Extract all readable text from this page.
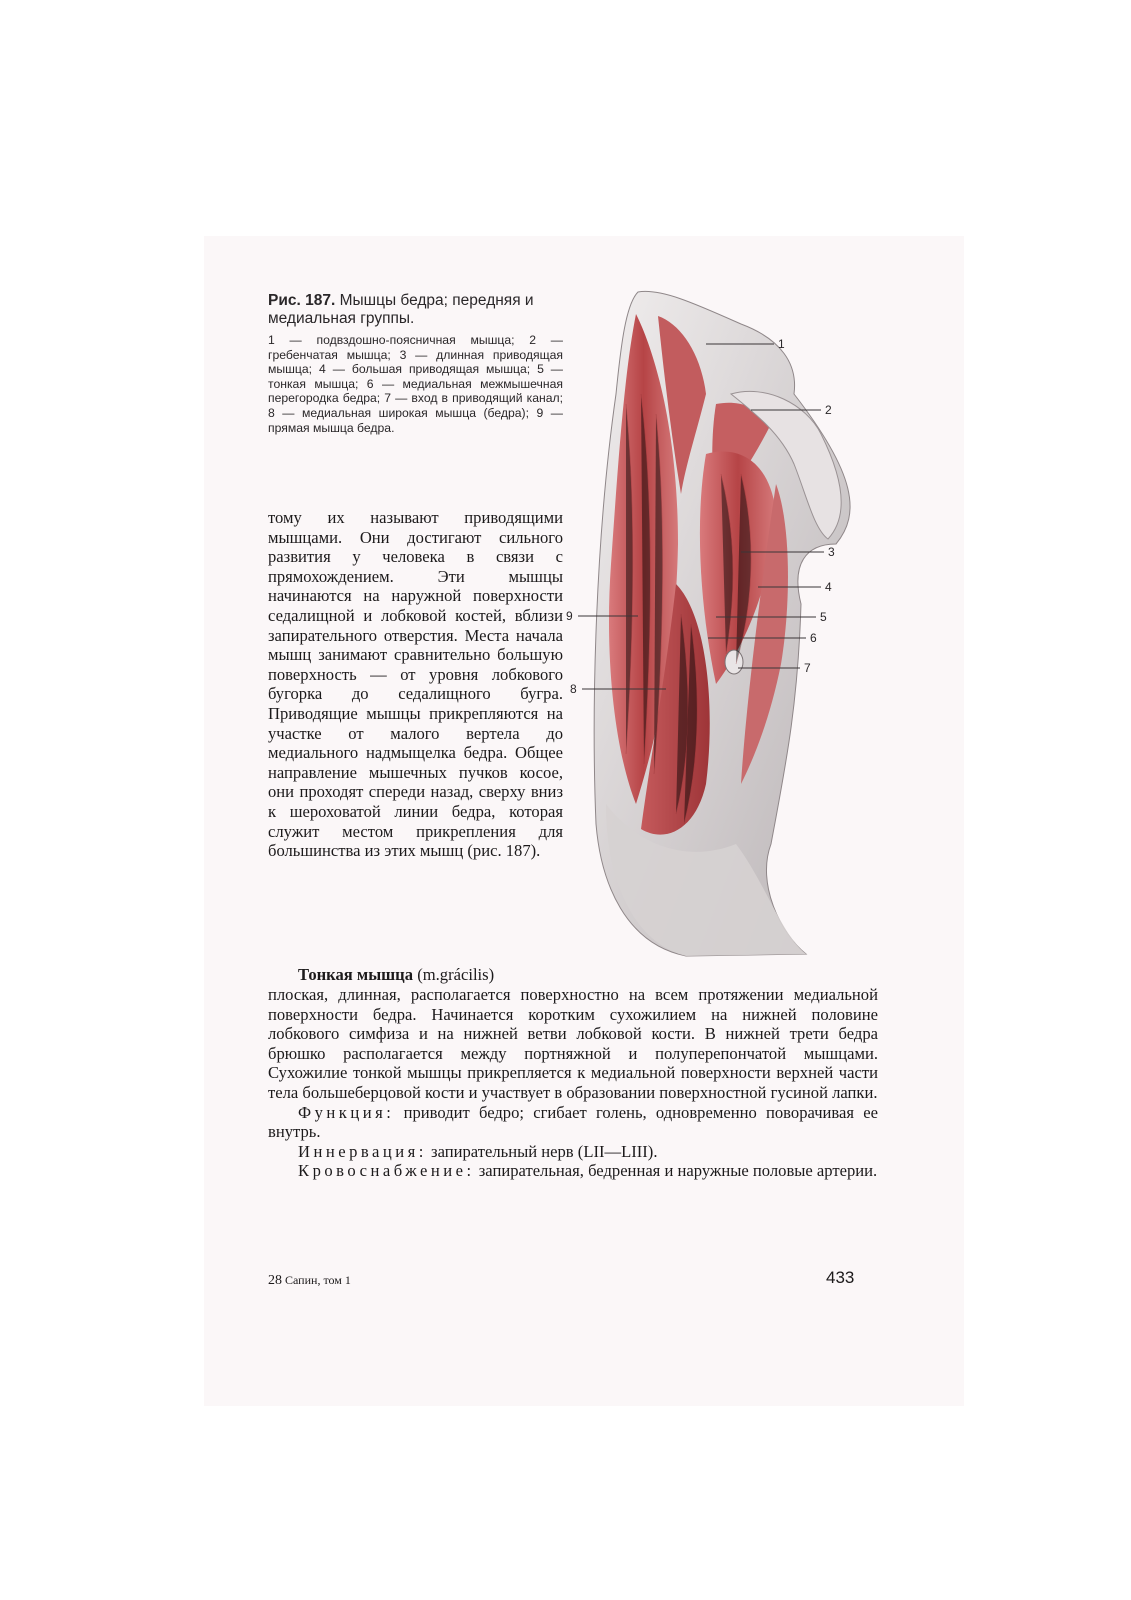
Рис. 187. Мышцы бедра; передняя и медиальная группы.

1 — подвздошно-поясничная мышца; 2 — гребенчатая мышца; 3 — длинная приводящая мышца; 4 — большая приводящая мышца; 5 — тонкая мышца; 6 — медиальная межмышечная перегородка бедра; 7 — вход в приводящий канал; 8 — медиальная широкая мышца (бедра); 9 — прямая мышца бедра.

тому их называют приводящими мышцами. Они достигают сильного развития у человека в связи с прямохождением. Эти мышцы начинаются на наружной поверхности седалищной и лобковой костей, вблизи запирательного отверстия. Места начала мышц занимают сравнительно большую поверхность — от уровня лобкового бугорка до седалищного бугра. Приводящие мышцы прикрепляются на участке от малого вертела до медиального надмыщелка бедра. Общее направление мышечных пучков косое, они проходят спереди назад, сверху вниз к шероховатой линии бедра, которая служит местом прикрепления для большинства из этих мышц (рис. 187).

Тонкая мышца (m.grácilis)

плоская, длинная, располагается поверхностно на всем протяжении медиальной поверхности бедра. Начинается коротким сухожилием на нижней половине лобкового симфиза и на нижней ветви лобковой кости. В нижней трети бедра брюшко располагается между портняжной и полуперепончатой мышцами. Сухожилие тонкой мышцы прикрепляется к медиальной поверхности верхней части тела большеберцовой кости и участвует в образовании поверхностной гусиной лапки.

Функция: приводит бедро; сгибает голень, одновременно поворачивая ее внутрь.

Иннервация: запирательный нерв (LII—LIII).

Кровоснабжение: запирательная, бедренная и наружные половые артерии.

28 Сапин, том 1	433
1
2
3
4
5
6
7
8
9
